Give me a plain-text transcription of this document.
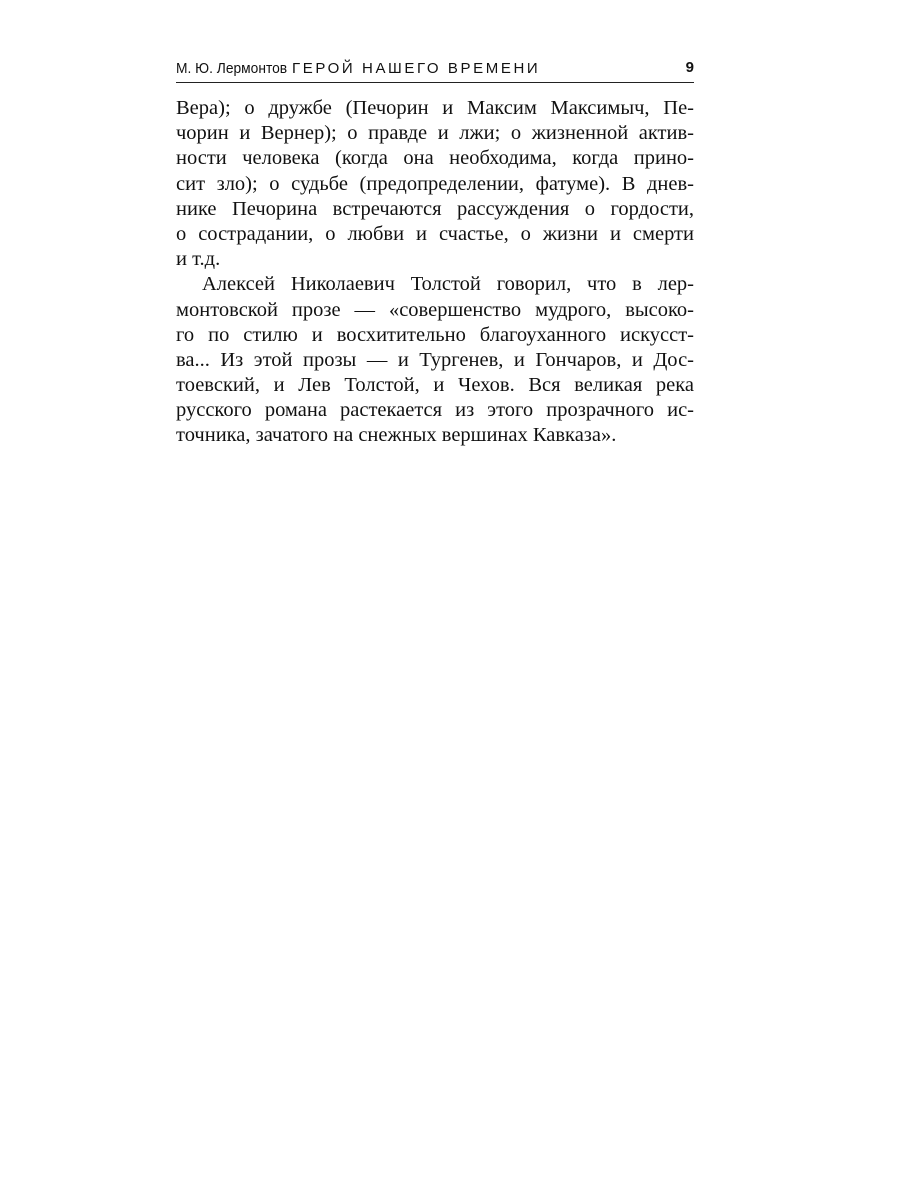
М. Ю. Лермонтов ГЕРОЙ НАШЕГО ВРЕМЕНИ	9
Вера); о дружбе (Печорин и Максим Максимыч, Пе-
чорин и Вернер); о правде и лжи; о жизненной актив-
ности человека (когда она необходима, когда прино-
сит зло); о судьбе (предопределении, фатуме). В днев-
нике Печорина встречаются рассуждения о гордости,
о сострадании, о любви и счастье, о жизни и смерти
и т.д.
Алексей Николаевич Толстой говорил, что в лер-
монтовской прозе — «совершенство мудрого, высоко-
го по стилю и восхитительно благоуханного искусст-
ва... Из этой прозы — и Тургенев, и Гончаров, и Дос-
тоевский, и Лев Толстой, и Чехов. Вся великая река
русского романа растекается из этого прозрачного ис-
точника, зачатого на снежных вершинах Кавказа».
